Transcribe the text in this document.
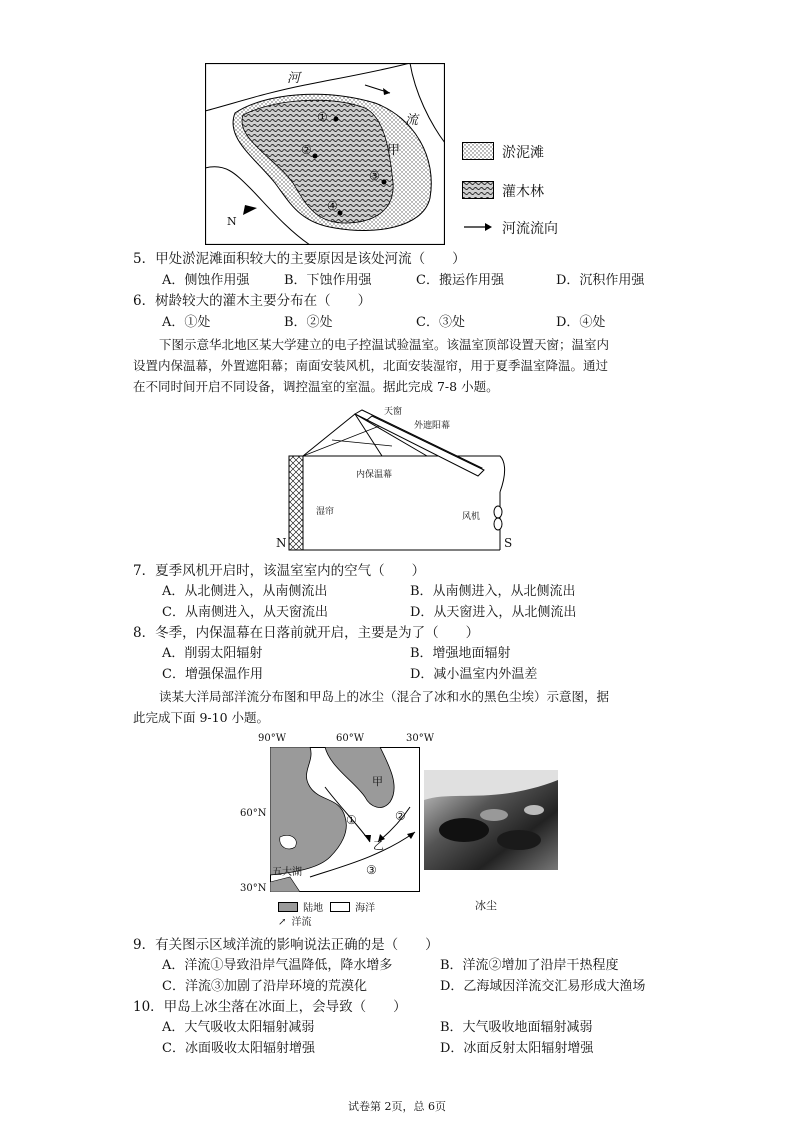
河
流
甲
①
②
③
④
N
淤泥滩
灌木林
河流流向
5．甲处淤泥滩面积较大的主要原因是该处河流（　　）
A．侧蚀作用强	B．下蚀作用强	C．搬运作用强	D．沉积作用强
6．树龄较大的灌木主要分布在（　　）
A．①处	B．②处	C．③处	D．④处
下图示意华北地区某大学建立的电子控温试验温室。该温室顶部设置天窗；温室内
设置内保温幕，外置遮阳幕；南面安装风机，北面安装湿帘，用于夏季温室降温。通过
在不同时间开启不同设备，调控温室的室温。据此完成 7-8 小题。
天窗
外遮阳幕
内保温幕
湿帘	风机
N	S
7．夏季风机开启时，该温室室内的空气（　　）
A．从北侧进入，从南侧流出	B．从南侧进入，从北侧流出
C．从南侧进入，从天窗流出	D．从天窗进入，从北侧流出
8．冬季，内保温幕在日落前就开启，主要是为了（　　）
A．削弱太阳辐射	B．增强地面辐射
C．增强保温作用	D．减小温室内外温差
读某大洋局部洋流分布图和甲岛上的冰尘（混合了冰和水的黑色尘埃）示意图，据
此完成下面 9-10 小题。
90°W	60°W	30°W
60°N
30°N
甲
乙
①	②
③
五大湖
陆地	海洋
↗ 洋流
冰尘
9．有关图示区域洋流的影响说法正确的是（　　）
A．洋流①导致沿岸气温降低，降水增多	B．洋流②增加了沿岸干热程度
C．洋流③加剧了沿岸环境的荒漠化	D．乙海域因洋流交汇易形成大渔场
10．甲岛上冰尘落在冰面上，会导致（　　）
A．大气吸收太阳辐射减弱	B．大气吸收地面辐射减弱
C．冰面吸收太阳辐射增强	D．冰面反射太阳辐射增强
试卷第 2页，总 6页
